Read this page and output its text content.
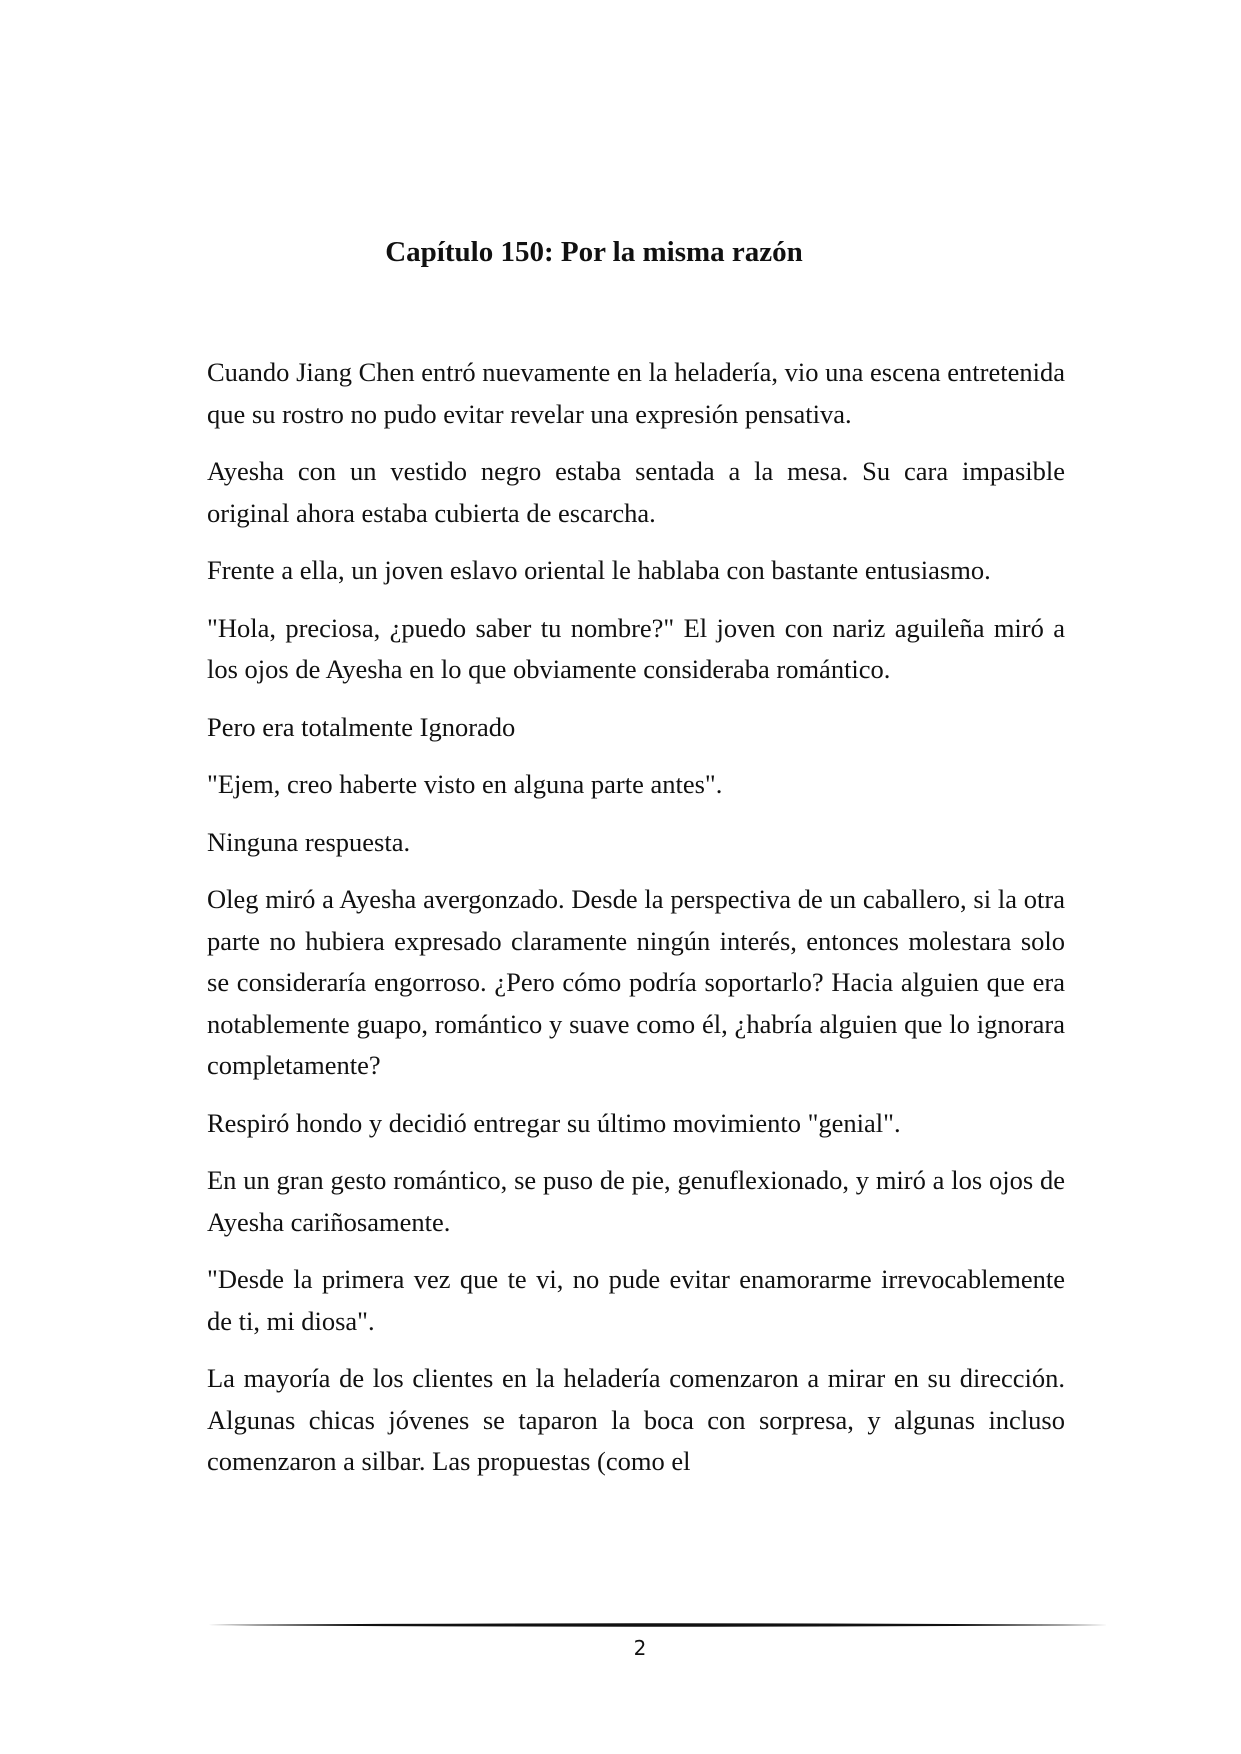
Capítulo 150: Por la misma razón

Cuando Jiang Chen entró nuevamente en la heladería, vio una escena entretenida que su rostro no pudo evitar revelar una expresión pensativa.

Ayesha con un vestido negro estaba sentada a la mesa. Su cara impasible original ahora estaba cubierta de escarcha.

Frente a ella, un joven eslavo oriental le hablaba con bastante entusiasmo.

"Hola, preciosa, ¿puedo saber tu nombre?" El joven con nariz aguileña miró a los ojos de Ayesha en lo que obviamente consideraba romántico.

Pero era totalmente Ignorado

"Ejem, creo haberte visto en alguna parte antes".

Ninguna respuesta.

Oleg miró a Ayesha avergonzado. Desde la perspectiva de un caballero, si la otra parte no hubiera expresado claramente ningún interés, entonces molestara solo se consideraría engorroso. ¿Pero cómo podría soportarlo? Hacia alguien que era notablemente guapo, romántico y suave como él, ¿habría alguien que lo ignorara completamente?

Respiró hondo y decidió entregar su último movimiento "genial".

En un gran gesto romántico, se puso de pie, genuflexionado, y miró a los ojos de Ayesha cariñosamente.

"Desde la primera vez que te vi, no pude evitar enamorarme irrevocablemente de ti, mi diosa".

La mayoría de los clientes en la heladería comenzaron a mirar en su dirección. Algunas chicas jóvenes se taparon la boca con sorpresa, y algunas incluso comenzaron a silbar. Las propuestas (como el

2
